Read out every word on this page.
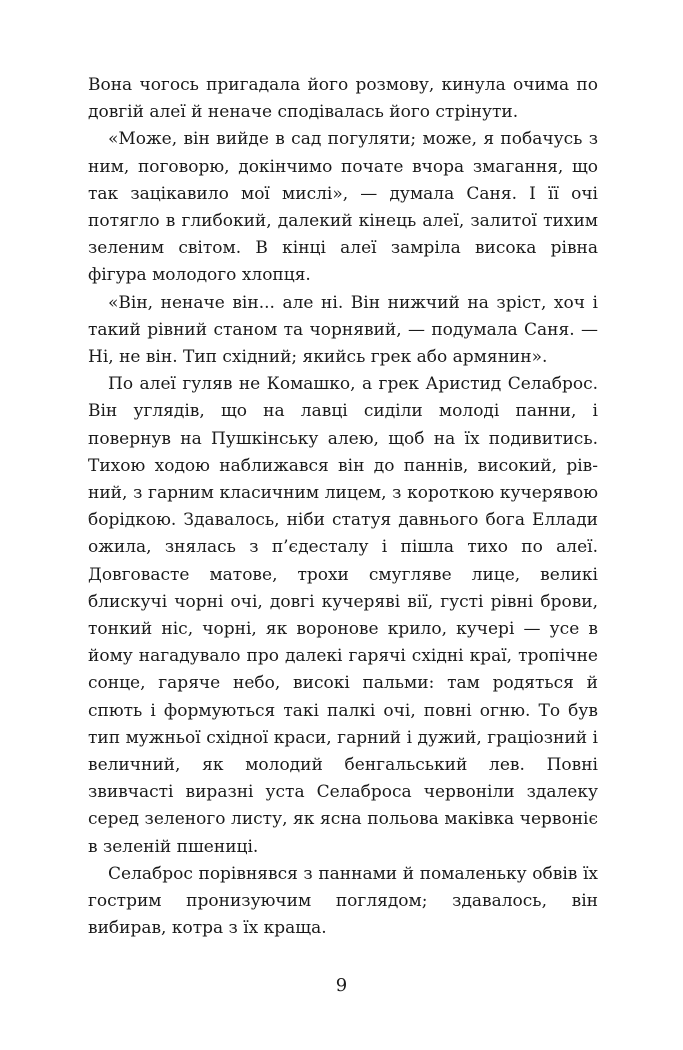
Вона чогось пригадала його розмову, кинула очима по довгій алеї й неначе сподівалась його стрінути.

«Може, він вийде в сад погуляти; може, я побачусь з ним, поговорю, докінчимо почате вчора змагання, що так зацікавило мої мислі», — думала Саня. І її очі потягло в глибокий, далекий кінець алеї, залитої тихим зеленим світом. В кінці алеї замріла висока рівна фігура молодого хлопця.

«Він, неначе він... але ні. Він нижчий на зріст, хоч і такий рівний станом та чорнявий, — подумала Саня. — Ні, не він. Тип східний; якийсь грек або армянин».

По алеї гуляв не Комашко, а грек Аристид Селаброс. Він углядів, що на лавці сиділи молоді панни, і повернув на Пушкінську алею, щоб на їх подивитись. Тихою ходою наближався він до паннів, високий, рівний, з гарним класичним лицем, з короткою кучерявою борідкою. Здавалось, ніби статуя давнього бога Еллади ожила, знялась з п’єдесталу і пішла тихо по алеї. Довговасте матове, трохи смугляве лице, великі блискучі чорні очі, довгі кучеряві вії, густі рівні брови, тонкий ніс, чорні, як воронове крило, кучері — усе в йому нагадувало про далекі гарячі східні краї, тропічне сонце, гаряче небо, високі пальми: там родяться й спють і формуються такі палкі очі, повні огню. То був тип мужньої східної краси, гарний і дужий, граціозний і величний, як молодий бенгальський лев. Повні звивчасті виразні уста Селаброса червоніли здалеку серед зеленого листу, як ясна польова маківка червоніє в зеленій пшениці.

Селаброс порівнявся з паннами й помаленьку обвів їх гострим пронизуючим поглядом; здавалось, він вибирав, котра з їх краща.

9
